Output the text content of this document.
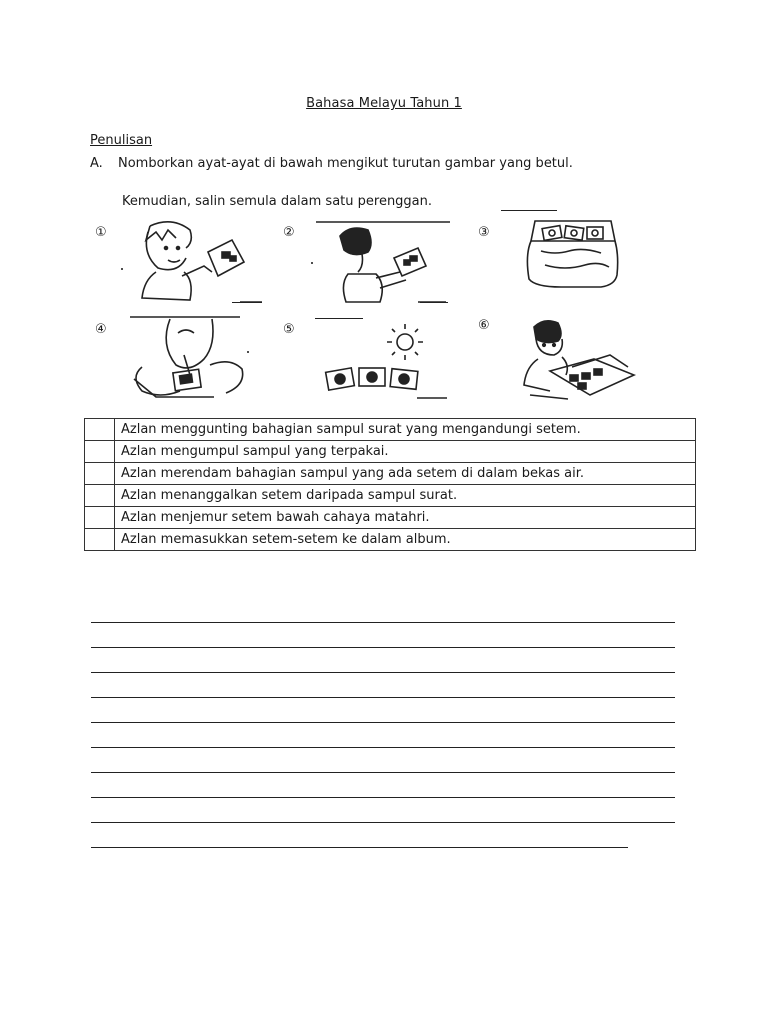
Bahasa Melayu Tahun 1
Penulisan
A. Nomborkan ayat-ayat di bawah mengikut turutan gambar yang betul.
Kemudian, salin semula dalam satu perenggan.
①	②	③
④	⑤	⑥
	Azlan menggunting bahagian sampul surat yang mengandungi setem.
	Azlan mengumpul sampul yang terpakai.
	Azlan merendam bahagian sampul yang ada setem di dalam bekas air.
	Azlan menanggalkan setem daripada sampul surat.
	Azlan menjemur setem bawah cahaya matahri.
	Azlan memasukkan setem-setem ke dalam album.
